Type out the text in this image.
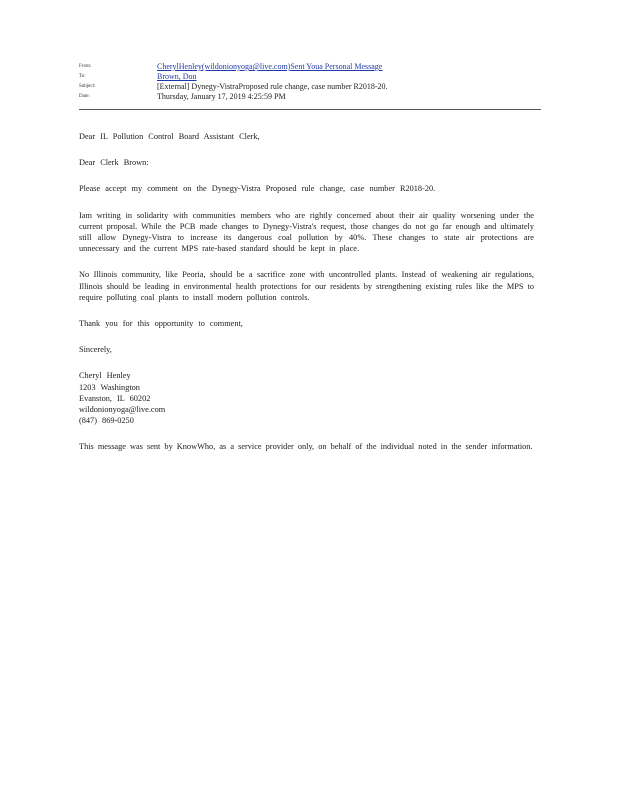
From:	CherylHenley(wildonionyoga@live.com)Sent Youa Personal Message
To:	Brown, Don
Subject:	[External] Dynegy-VistraProposed rule change, case number R2018-20.
Date:	Thursday, January 17, 2019 4:25:59 PM

Dear IL Pollution Control Board Assistant Clerk,

Dear Clerk Brown:

Please accept my comment on the Dynegy-Vistra Proposed rule change, case number R2018-20.

Iam writing in solidarity with communities members who are rightly concerned about their air quality worsening under the current proposal. While the PCB made changes to Dynegy-Vistra's request, those changes do not go far enough and ultimately still allow Dynegy-Vistra to increase its dangerous coal pollution by 40%. These changes to state air protections are unnecessary and the current MPS rate-based standard should be kept in place.

No Illinois community, like Peoria, should be a sacrifice zone with uncontrolled plants. Instead of weakening air regulations, Illinois should be leading in environmental health protections for our residents by strengthening existing rules like the MPS to require polluting coal plants to install modern pollution controls.

Thank you for this opportunity to comment,

Sincerely,

Cheryl Henley
1203 Washington
Evanston, IL 60202
wildonionyoga@live.com
(847) 869-0250

This message was sent by KnowWho, as a service provider only, on behalf of the individual noted in the sender information.
